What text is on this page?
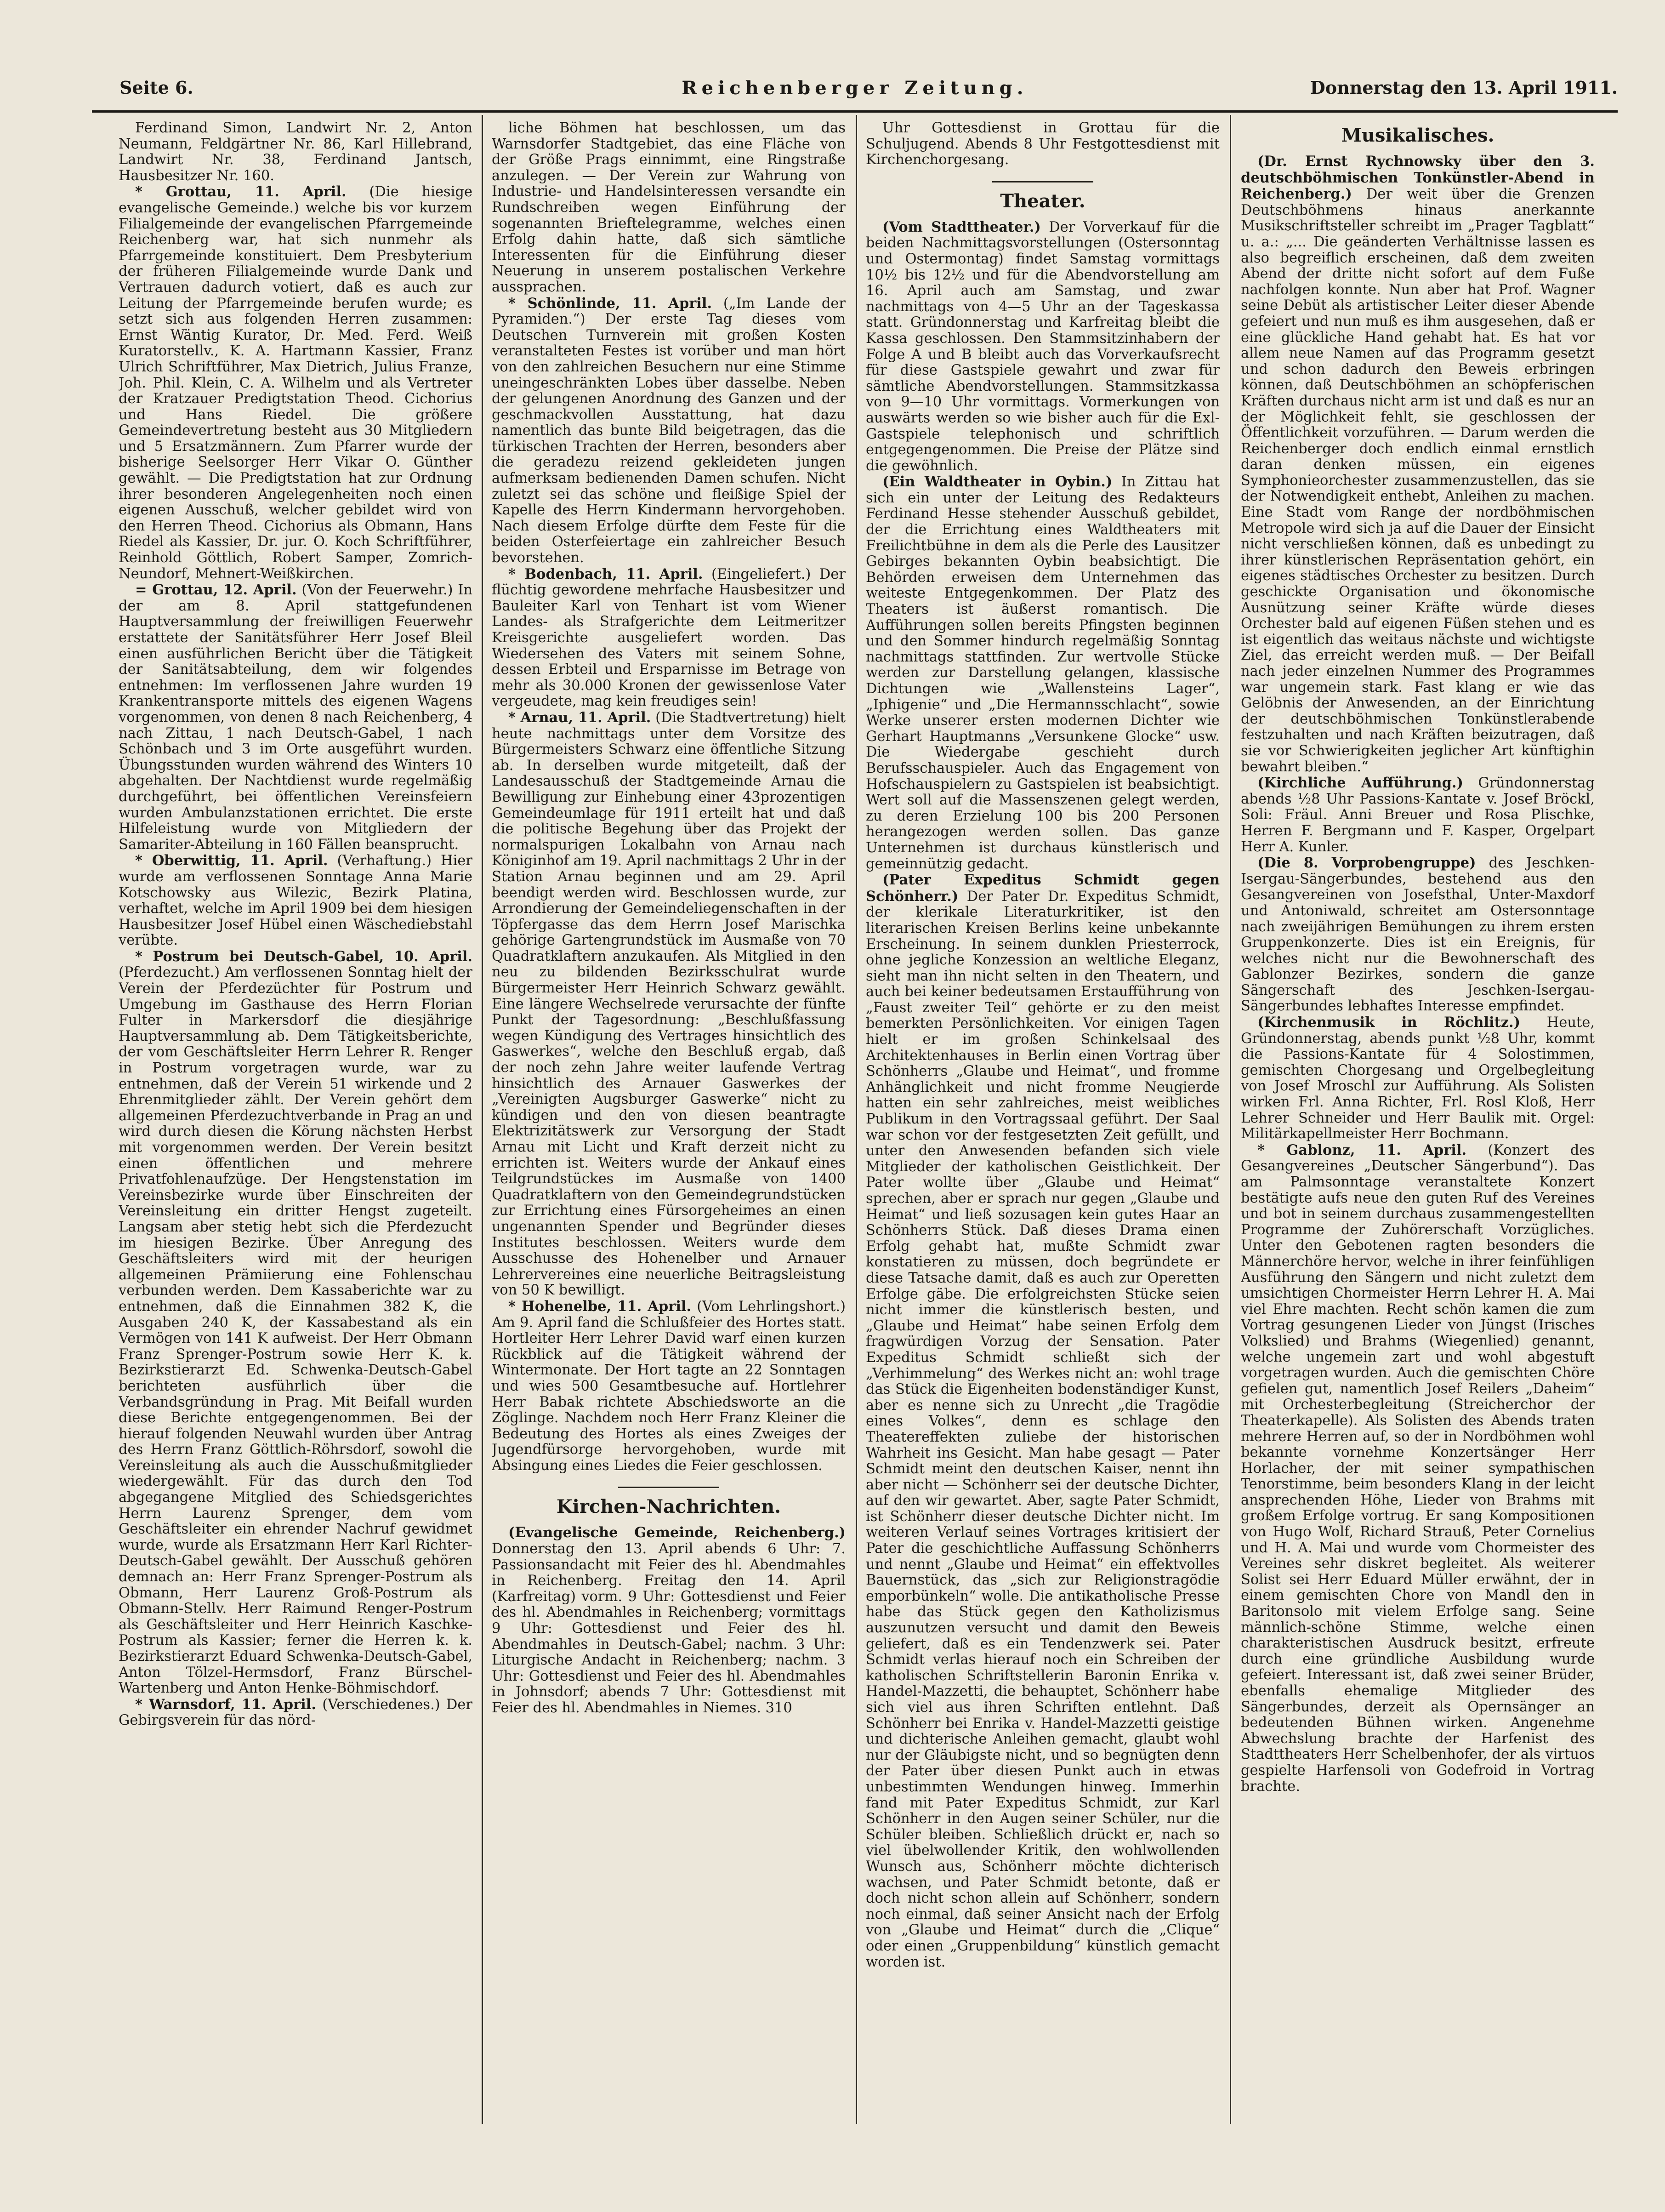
Seite 6.	Reichenberger Zeitung.	Donnerstag den 13. April 1911.

Ferdinand Simon, Landwirt Nr. 2, Anton Neumann, Feldgärtner Nr. 86, Karl Hillebrand, Landwirt Nr. 38, Ferdinand Jantsch, Hausbesitzer Nr. 160.

* Grottau, 11. April. (Die hiesige evangelische Gemeinde.) welche bis vor kurzem Filialgemeinde der evangelischen Pfarrgemeinde Reichenberg war, hat sich nunmehr als Pfarrgemeinde konstituiert. Dem Presbyterium der früheren Filialgemeinde wurde Dank und Vertrauen dadurch votiert, daß es auch zur Leitung der Pfarrgemeinde berufen wurde; es setzt sich aus folgenden Herren zusammen: Ernst Wäntig Kurator, Dr. Med. Ferd. Weiß Kuratorstellv., K. A. Hartmann Kassier, Franz Ulrich Schriftführer, Max Dietrich, Julius Franze, Joh. Phil. Klein, C. A. Wilhelm und als Vertreter der Kratzauer Predigtstation Theod. Cichorius und Hans Riedel. Die größere Gemeindevertretung besteht aus 30 Mitgliedern und 5 Ersatzmännern. Zum Pfarrer wurde der bisherige Seelsorger Herr Vikar O. Günther gewählt. — Die Predigtstation hat zur Ordnung ihrer besonderen Angelegenheiten noch einen eigenen Ausschuß, welcher gebildet wird von den Herren Theod. Cichorius als Obmann, Hans Riedel als Kassier, Dr. jur. O. Koch Schriftführer, Reinhold Göttlich, Robert Samper, Zomrich-Neundorf, Mehnert-Weißkirchen.

= Grottau, 12. April. (Von der Feuerwehr.) In der am 8. April stattgefundenen Hauptversammlung der freiwilligen Feuerwehr erstattete der Sanitätsführer Herr Josef Bleil einen ausführlichen Bericht über die Tätigkeit der Sanitätsabteilung, dem wir folgendes entnehmen: Im verflossenen Jahre wurden 19 Krankentransporte mittels des eigenen Wagens vorgenommen, von denen 8 nach Reichenberg, 4 nach Zittau, 1 nach Deutsch-Gabel, 1 nach Schönbach und 3 im Orte ausgeführt wurden. Übungsstunden wurden während des Winters 10 abgehalten. Der Nachtdienst wurde regelmäßig durchgeführt, bei öffentlichen Vereinsfeiern wurden Ambulanzstationen errichtet. Die erste Hilfeleistung wurde von Mitgliedern der Samariter-Abteilung in 160 Fällen beansprucht.

* Oberwittig, 11. April. (Verhaftung.) Hier wurde am verflossenen Sonntage Anna Marie Kotschowsky aus Wilezic, Bezirk Platina, verhaftet, welche im April 1909 bei dem hiesigen Hausbesitzer Josef Hübel einen Wäschediebstahl verübte.

* Postrum bei Deutsch-Gabel, 10. April. (Pferdezucht.) Am verflossenen Sonntag hielt der Verein der Pferdezüchter für Postrum und Umgebung im Gasthause des Herrn Florian Fulter in Markersdorf die diesjährige Hauptversammlung ab. Dem Tätigkeitsberichte, der vom Geschäftsleiter Herrn Lehrer R. Renger in Postrum vorgetragen wurde, war zu entnehmen, daß der Verein 51 wirkende und 2 Ehrenmitglieder zählt. Der Verein gehört dem allgemeinen Pferdezuchtverbande in Prag an und wird durch diesen die Körung nächsten Herbst mit vorgenommen werden. Der Verein besitzt einen öffentlichen und mehrere Privatfohlenaufzüge. Der Hengstenstation im Vereinsbezirke wurde über Einschreiten der Vereinsleitung ein dritter Hengst zugeteilt. Langsam aber stetig hebt sich die Pferdezucht im hiesigen Bezirke. Über Anregung des Geschäftsleiters wird mit der heurigen allgemeinen Prämiierung eine Fohlenschau verbunden werden. Dem Kassaberichte war zu entnehmen, daß die Einnahmen 382 K, die Ausgaben 240 K, der Kassabestand als ein Vermögen von 141 K aufweist. Der Herr Obmann Franz Sprenger-Postrum sowie Herr K. k. Bezirkstierarzt Ed. Schwenka-Deutsch-Gabel berichteten ausführlich über die Verbandsgründung in Prag. Mit Beifall wurden diese Berichte entgegengenommen. Bei der hierauf folgenden Neuwahl wurden über Antrag des Herrn Franz Göttlich-Röhrsdorf, sowohl die Vereinsleitung als auch die Ausschußmitglieder wiedergewählt. Für das durch den Tod abgegangene Mitglied des Schiedsgerichtes Herrn Laurenz Sprenger, dem vom Geschäftsleiter ein ehrender Nachruf gewidmet wurde, wurde als Ersatzmann Herr Karl Richter-Deutsch-Gabel gewählt. Der Ausschuß gehören demnach an: Herr Franz Sprenger-Postrum als Obmann, Herr Laurenz Groß-Postrum als Obmann-Stellv. Herr Raimund Renger-Postrum als Geschäftsleiter und Herr Heinrich Kaschke-Postrum als Kassier; ferner die Herren k. k. Bezirkstierarzt Eduard Schwenka-Deutsch-Gabel, Anton Tölzel-Hermsdorf, Franz Bürschel-Wartenberg und Anton Henke-Böhmischdorf.

* Warnsdorf, 11. April. (Verschiedenes.) Der Gebirgsverein für das nörd-

liche Böhmen hat beschlossen, um das Warnsdorfer Stadtgebiet, das eine Fläche von der Größe Prags einnimmt, eine Ringstraße anzulegen. — Der Verein zur Wahrung von Industrie- und Handelsinteressen versandte ein Rundschreiben wegen Einführung der sogenannten Brieftelegramme, welches einen Erfolg dahin hatte, daß sich sämtliche Interessenten für die Einführung dieser Neuerung in unserem postalischen Verkehre aussprachen.

* Schönlinde, 11. April. („Im Lande der Pyramiden.“) Der erste Tag dieses vom Deutschen Turnverein mit großen Kosten veranstalteten Festes ist vorüber und man hört von den zahlreichen Besuchern nur eine Stimme uneingeschränkten Lobes über dasselbe. Neben der gelungenen Anordnung des Ganzen und der geschmackvollen Ausstattung, hat dazu namentlich das bunte Bild beigetragen, das die türkischen Trachten der Herren, besonders aber die geradezu reizend gekleideten jungen aufmerksam bedienenden Damen schufen. Nicht zuletzt sei das schöne und fleißige Spiel der Kapelle des Herrn Kindermann hervorgehoben. Nach diesem Erfolge dürfte dem Feste für die beiden Osterfeiertage ein zahlreicher Besuch bevorstehen.

* Bodenbach, 11. April. (Eingeliefert.) Der flüchtig gewordene mehrfache Hausbesitzer und Bauleiter Karl von Tenhart ist vom Wiener Landes- als Strafgerichte dem Leitmeritzer Kreisgerichte ausgeliefert worden. Das Wiedersehen des Vaters mit seinem Sohne, dessen Erbteil und Ersparnisse im Betrage von mehr als 30.000 Kronen der gewissenlose Vater vergeudete, mag kein freudiges sein!

* Arnau, 11. April. (Die Stadtvertretung) hielt heute nachmittags unter dem Vorsitze des Bürgermeisters Schwarz eine öffentliche Sitzung ab. In derselben wurde mitgeteilt, daß der Landesausschuß der Stadtgemeinde Arnau die Bewilligung zur Einhebung einer 43prozentigen Gemeindeumlage für 1911 erteilt hat und daß die politische Begehung über das Projekt der normalspurigen Lokalbahn von Arnau nach Königinhof am 19. April nachmittags 2 Uhr in der Station Arnau beginnen und am 29. April beendigt werden wird. Beschlossen wurde, zur Arrondierung der Gemeindeliegenschaften in der Töpfergasse das dem Herrn Josef Marischka gehörige Gartengrundstück im Ausmaße von 70 Quadratklaftern anzukaufen. Als Mitglied in den neu zu bildenden Bezirksschulrat wurde Bürgermeister Herr Heinrich Schwarz gewählt. Eine längere Wechselrede verursachte der fünfte Punkt der Tagesordnung: „Beschlußfassung wegen Kündigung des Vertrages hinsichtlich des Gaswerkes“, welche den Beschluß ergab, daß der noch zehn Jahre weiter laufende Vertrag hinsichtlich des Arnauer Gaswerkes der „Vereinigten Augsburger Gaswerke“ nicht zu kündigen und den von diesen beantragte Elektrizitätswerk zur Versorgung der Stadt Arnau mit Licht und Kraft derzeit nicht zu errichten ist. Weiters wurde der Ankauf eines Teilgrundstückes im Ausmaße von 1400 Quadratklaftern von den Gemeindegrundstücken zur Errichtung eines Fürsorgeheimes an einen ungenannten Spender und Begründer dieses Institutes beschlossen. Weiters wurde dem Ausschusse des Hohenelber und Arnauer Lehrervereines eine neuerliche Beitragsleistung von 50 K bewilligt.

* Hohenelbe, 11. April. (Vom Lehrlingshort.) Am 9. April fand die Schlußfeier des Hortes statt. Hortleiter Herr Lehrer David warf einen kurzen Rückblick auf die Tätigkeit während der Wintermonate. Der Hort tagte an 22 Sonntagen und wies 500 Gesamtbesuche auf. Hortlehrer Herr Babak richtete Abschiedsworte an die Zöglinge. Nachdem noch Herr Franz Kleiner die Bedeutung des Hortes als eines Zweiges der Jugendfürsorge hervorgehoben, wurde mit Absingung eines Liedes die Feier geschlossen.

Kirchen-Nachrichten.

(Evangelische Gemeinde, Reichenberg.) Donnerstag den 13. April abends 6 Uhr: 7. Passionsandacht mit Feier des hl. Abendmahles in Reichenberg. Freitag den 14. April (Karfreitag) vorm. 9 Uhr: Gottesdienst und Feier des hl. Abendmahles in Reichenberg; vormittags 9 Uhr: Gottesdienst und Feier des hl. Abendmahles in Deutsch-Gabel; nachm. 3 Uhr: Liturgische Andacht in Reichenberg; nachm. 3 Uhr: Gottesdienst und Feier des hl. Abendmahles in Johnsdorf; abends 7 Uhr: Gottesdienst mit Feier des hl. Abendmahles in Niemes. 310

Uhr Gottesdienst in Grottau für die Schuljugend. Abends 8 Uhr Festgottesdienst mit Kirchenchorgesang.

Theater.

(Vom Stadttheater.) Der Vorverkauf für die beiden Nachmittagsvorstellungen (Ostersonntag und Ostermontag) findet Samstag vormittags 10½ bis 12½ und für die Abendvorstellung am 16. April auch am Samstag, und zwar nachmittags von 4—5 Uhr an der Tageskassa statt. Gründonnerstag und Karfreitag bleibt die Kassa geschlossen. Den Stammsitzinhabern der Folge A und B bleibt auch das Vorverkaufsrecht für diese Gastspiele gewahrt und zwar für sämtliche Abendvorstellungen. Stammsitzkassa von 9—10 Uhr vormittags. Vormerkungen von auswärts werden so wie bisher auch für die Exl-Gastspiele telephonisch und schriftlich entgegengenommen. Die Preise der Plätze sind die gewöhnlich.

(Ein Waldtheater in Oybin.) In Zittau hat sich ein unter der Leitung des Redakteurs Ferdinand Hesse stehender Ausschuß gebildet, der die Errichtung eines Waldtheaters mit Freilichtbühne in dem als die Perle des Lausitzer Gebirges bekannten Oybin beabsichtigt. Die Behörden erweisen dem Unternehmen das weiteste Entgegenkommen. Der Platz des Theaters ist äußerst romantisch. Die Aufführungen sollen bereits Pfingsten beginnen und den Sommer hindurch regelmäßig Sonntag nachmittags stattfinden. Zur wertvolle Stücke werden zur Darstellung gelangen, klassische Dichtungen wie „Wallensteins Lager“, „Iphigenie“ und „Die Hermannsschlacht“, sowie Werke unserer ersten modernen Dichter wie Gerhart Hauptmanns „Versunkene Glocke“ usw. Die Wiedergabe geschieht durch Berufsschauspieler. Auch das Engagement von Hofschauspielern zu Gastspielen ist beabsichtigt. Wert soll auf die Massenszenen gelegt werden, zu deren Erzielung 100 bis 200 Personen herangezogen werden sollen. Das ganze Unternehmen ist durchaus künstlerisch und gemeinnützig gedacht.

(Pater Expeditus Schmidt gegen Schönherr.) Der Pater Dr. Expeditus Schmidt, der klerikale Literaturkritiker, ist den literarischen Kreisen Berlins keine unbekannte Erscheinung. In seinem dunklen Priesterrock, ohne jegliche Konzession an weltliche Eleganz, sieht man ihn nicht selten in den Theatern, und auch bei keiner bedeutsamen Erstaufführung von „Faust zweiter Teil“ gehörte er zu den meist bemerkten Persönlichkeiten. Vor einigen Tagen hielt er im großen Schinkelsaal des Architektenhauses in Berlin einen Vortrag über Schönherrs „Glaube und Heimat“, und fromme Anhänglichkeit und nicht fromme Neugierde hatten ein sehr zahlreiches, meist weibliches Publikum in den Vortragssaal geführt. Der Saal war schon vor der festgesetzten Zeit gefüllt, und unter den Anwesenden befanden sich viele Mitglieder der katholischen Geistlichkeit. Der Pater wollte über „Glaube und Heimat“ sprechen, aber er sprach nur gegen „Glaube und Heimat“ und ließ sozusagen kein gutes Haar an Schönherrs Stück. Daß dieses Drama einen Erfolg gehabt hat, mußte Schmidt zwar konstatieren zu müssen, doch begründete er diese Tatsache damit, daß es auch zur Operetten Erfolge gäbe. Die erfolgreichsten Stücke seien nicht immer die künstlerisch besten, und „Glaube und Heimat“ habe seinen Erfolg dem fragwürdigen Vorzug der Sensation. Pater Expeditus Schmidt schließt sich der „Verhimmelung“ des Werkes nicht an: wohl trage das Stück die Eigenheiten bodenständiger Kunst, aber es nenne sich zu Unrecht „die Tragödie eines Volkes“, denn es schlage den Theatereffekten zuliebe der historischen Wahrheit ins Gesicht. Man habe gesagt — Pater Schmidt meint den deutschen Kaiser, nennt ihn aber nicht — Schönherr sei der deutsche Dichter, auf den wir gewartet. Aber, sagte Pater Schmidt, ist Schönherr dieser deutsche Dichter nicht. Im weiteren Verlauf seines Vortrages kritisiert der Pater die geschichtliche Auffassung Schönherrs und nennt „Glaube und Heimat“ ein effektvolles Bauernstück, das „sich zur Religionstragödie emporbünkeln“ wolle. Die antikatholische Presse habe das Stück gegen den Katholizismus auszunutzen versucht und damit den Beweis geliefert, daß es ein Tendenzwerk sei. Pater Schmidt verlas hierauf noch ein Schreiben der katholischen Schriftstellerin Baronin Enrika v. Handel-Mazzetti, die behauptet, Schönherr habe sich viel aus ihren Schriften entlehnt. Daß Schönherr bei Enrika v. Handel-Mazzetti geistige und dichterische Anleihen gemacht, glaubt wohl nur der Gläubigste nicht, und so begnügten denn der Pater über diesen Punkt auch in etwas unbestimmten Wendungen hinweg. Immerhin fand mit Pater Expeditus Schmidt, zur Karl Schönherr in den Augen seiner Schüler, nur die Schüler bleiben. Schließlich drückt er, nach so viel übelwollender Kritik, den wohlwollenden Wunsch aus, Schönherr möchte dichterisch wachsen, und Pater Schmidt betonte, daß er doch nicht schon allein auf Schönherr, sondern noch einmal, daß seiner Ansicht nach der Erfolg von „Glaube und Heimat“ durch die „Clique“ oder einen „Gruppenbildung“ künstlich gemacht worden ist.

Musikalisches.

(Dr. Ernst Rychnowsky über den 3. deutschböhmischen Tonkünstler-Abend in Reichenberg.) Der weit über die Grenzen Deutschböhmens hinaus anerkannte Musikschriftsteller schreibt im „Prager Tagblatt“ u. a.: „... Die geänderten Verhältnisse lassen es also begreiflich erscheinen, daß dem zweiten Abend der dritte nicht sofort auf dem Fuße nachfolgen konnte. Nun aber hat Prof. Wagner seine Debüt als artistischer Leiter dieser Abende gefeiert und nun muß es ihm ausgesehen, daß er eine glückliche Hand gehabt hat. Es hat vor allem neue Namen auf das Programm gesetzt und schon dadurch den Beweis erbringen können, daß Deutschböhmen an schöpferischen Kräften durchaus nicht arm ist und daß es nur an der Möglichkeit fehlt, sie geschlossen der Öffentlichkeit vorzuführen. — Darum werden die Reichenberger doch endlich einmal ernstlich daran denken müssen, ein eigenes Symphonieorchester zusammenzustellen, das sie der Notwendigkeit enthebt, Anleihen zu machen. Eine Stadt vom Range der nordböhmischen Metropole wird sich ja auf die Dauer der Einsicht nicht verschließen können, daß es unbedingt zu ihrer künstlerischen Repräsentation gehört, ein eigenes städtisches Orchester zu besitzen. Durch geschickte Organisation und ökonomische Ausnützung seiner Kräfte würde dieses Orchester bald auf eigenen Füßen stehen und es ist eigentlich das weitaus nächste und wichtigste Ziel, das erreicht werden muß. — Der Beifall nach jeder einzelnen Nummer des Programmes war ungemein stark. Fast klang er wie das Gelöbnis der Anwesenden, an der Einrichtung der deutschböhmischen Tonkünstlerabende festzuhalten und nach Kräften beizutragen, daß sie vor Schwierigkeiten jeglicher Art künftighin bewahrt bleiben.“

(Kirchliche Aufführung.) Gründonnerstag abends ½8 Uhr Passions-Kantate v. Josef Bröckl, Soli: Fräul. Anni Breuer und Rosa Plischke, Herren F. Bergmann und F. Kasper, Orgelpart Herr A. Kunler.

(Die 8. Vorprobengruppe) des Jeschken-Isergau-Sängerbundes, bestehend aus den Gesangvereinen von Josefsthal, Unter-Maxdorf und Antoniwald, schreitet am Ostersonntage nach zweijährigen Bemühungen zu ihrem ersten Gruppenkonzerte. Dies ist ein Ereignis, für welches nicht nur die Bewohnerschaft des Gablonzer Bezirkes, sondern die ganze Sängerschaft des Jeschken-Isergau-Sängerbundes lebhaftes Interesse empfindet.

(Kirchenmusik in Röchlitz.) Heute, Gründonnerstag, abends punkt ½8 Uhr, kommt die Passions-Kantate für 4 Solostimmen, gemischten Chorgesang und Orgelbegleitung von Josef Mroschl zur Aufführung. Als Solisten wirken Frl. Anna Richter, Frl. Rosl Kloß, Herr Lehrer Schneider und Herr Baulik mit. Orgel: Militärkapellmeister Herr Bochmann.

* Gablonz, 11. April. (Konzert des Gesangvereines „Deutscher Sängerbund“). Das am Palmsonntage veranstaltete Konzert bestätigte aufs neue den guten Ruf des Vereines und bot in seinem durchaus zusammengestellten Programme der Zuhörerschaft Vorzügliches. Unter den Gebotenen ragten besonders die Männerchöre hervor, welche in ihrer feinfühligen Ausführung den Sängern und nicht zuletzt dem umsichtigen Chormeister Herrn Lehrer H. A. Mai viel Ehre machten. Recht schön kamen die zum Vortrag gesungenen Lieder von Jüngst (Irisches Volkslied) und Brahms (Wiegenlied) genannt, welche ungemein zart und wohl abgestuft vorgetragen wurden. Auch die gemischten Chöre gefielen gut, namentlich Josef Reilers „Daheim“ mit Orchesterbegleitung (Streicherchor der Theaterkapelle). Als Solisten des Abends traten mehrere Herren auf, so der in Nordböhmen wohl bekannte vornehme Konzertsänger Herr Horlacher, der mit seiner sympathischen Tenorstimme, beim besonders Klang in der leicht ansprechenden Höhe, Lieder von Brahms mit großem Erfolge vortrug. Er sang Kompositionen von Hugo Wolf, Richard Strauß, Peter Cornelius und H. A. Mai und wurde vom Chormeister des Vereines sehr diskret begleitet. Als weiterer Solist sei Herr Eduard Müller erwähnt, der in einem gemischten Chore von Mandl den in Baritonsolo mit vielem Erfolge sang. Seine männlich-schöne Stimme, welche einen charakteristischen Ausdruck besitzt, erfreute durch eine gründliche Ausbildung wurde gefeiert. Interessant ist, daß zwei seiner Brüder, ebenfalls ehemalige Mitglieder des Sängerbundes, derzeit als Opernsänger an bedeutenden Bühnen wirken. Angenehme Abwechslung brachte der Harfenist des Stadttheaters Herr Schelbenhofer, der als virtuos gespielte Harfensoli von Godefroid in Vortrag brachte.
